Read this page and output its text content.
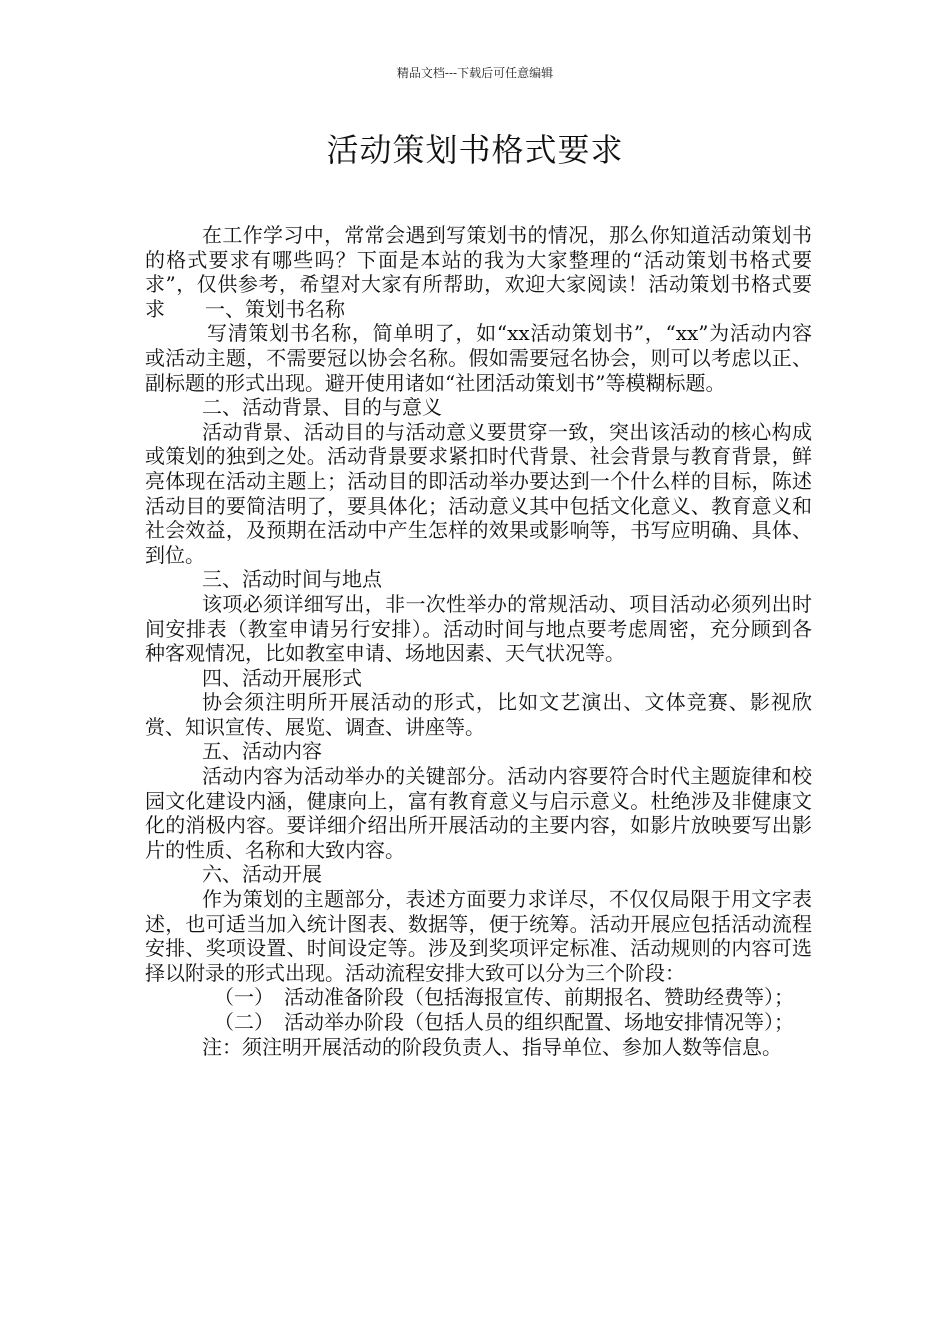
精品文档---下载后可任意编辑
活动策划书格式要求

在工作学习中，常常会遇到写策划书的情况，那么你知道活动策划书的格式要求有哪些吗？下面是本站的我为大家整理的“活动策划书格式要求”，仅供参考，希望对大家有所帮助，欢迎大家阅读！活动策划书格式要求　　一、策划书名称

写清策划书名称，简单明了，如“xx活动策划书”，“xx”为活动内容或活动主题，不需要冠以协会名称。假如需要冠名协会，则可以考虑以正、副标题的形式出现。避开使用诸如“社团活动策划书”等模糊标题。

二、活动背景、目的与意义

活动背景、活动目的与活动意义要贯穿一致，突出该活动的核心构成或策划的独到之处。活动背景要求紧扣时代背景、社会背景与教育背景，鲜亮体现在活动主题上；活动目的即活动举办要达到一个什么样的目标，陈述活动目的要简洁明了，要具体化；活动意义其中包括文化意义、教育意义和社会效益，及预期在活动中产生怎样的效果或影响等，书写应明确、具体、到位。

三、活动时间与地点

该项必须详细写出，非一次性举办的常规活动、项目活动必须列出时间安排表（教室申请另行安排）。活动时间与地点要考虑周密，充分顾到各种客观情况，比如教室申请、场地因素、天气状况等。

四、活动开展形式

协会须注明所开展活动的形式，比如文艺演出、文体竞赛、影视欣赏、知识宣传、展览、调查、讲座等。

五、活动内容

活动内容为活动举办的关键部分。活动内容要符合时代主题旋律和校园文化建设内涵，健康向上，富有教育意义与启示意义。杜绝涉及非健康文化的消极内容。要详细介绍出所开展活动的主要内容，如影片放映要写出影片的性质、名称和大致内容。

六、活动开展

作为策划的主题部分，表述方面要力求详尽，不仅仅局限于用文字表述，也可适当加入统计图表、数据等，便于统筹。活动开展应包括活动流程安排、奖项设置、时间设定等。涉及到奖项评定标准、活动规则的内容可选择以附录的形式出现。活动流程安排大致可以分为三个阶段：

（一）　活动准备阶段（包括海报宣传、前期报名、赞助经费等）；

（二）　活动举办阶段（包括人员的组织配置、场地安排情况等）；

注：须注明开展活动的阶段负责人、指导单位、参加人数等信息。
